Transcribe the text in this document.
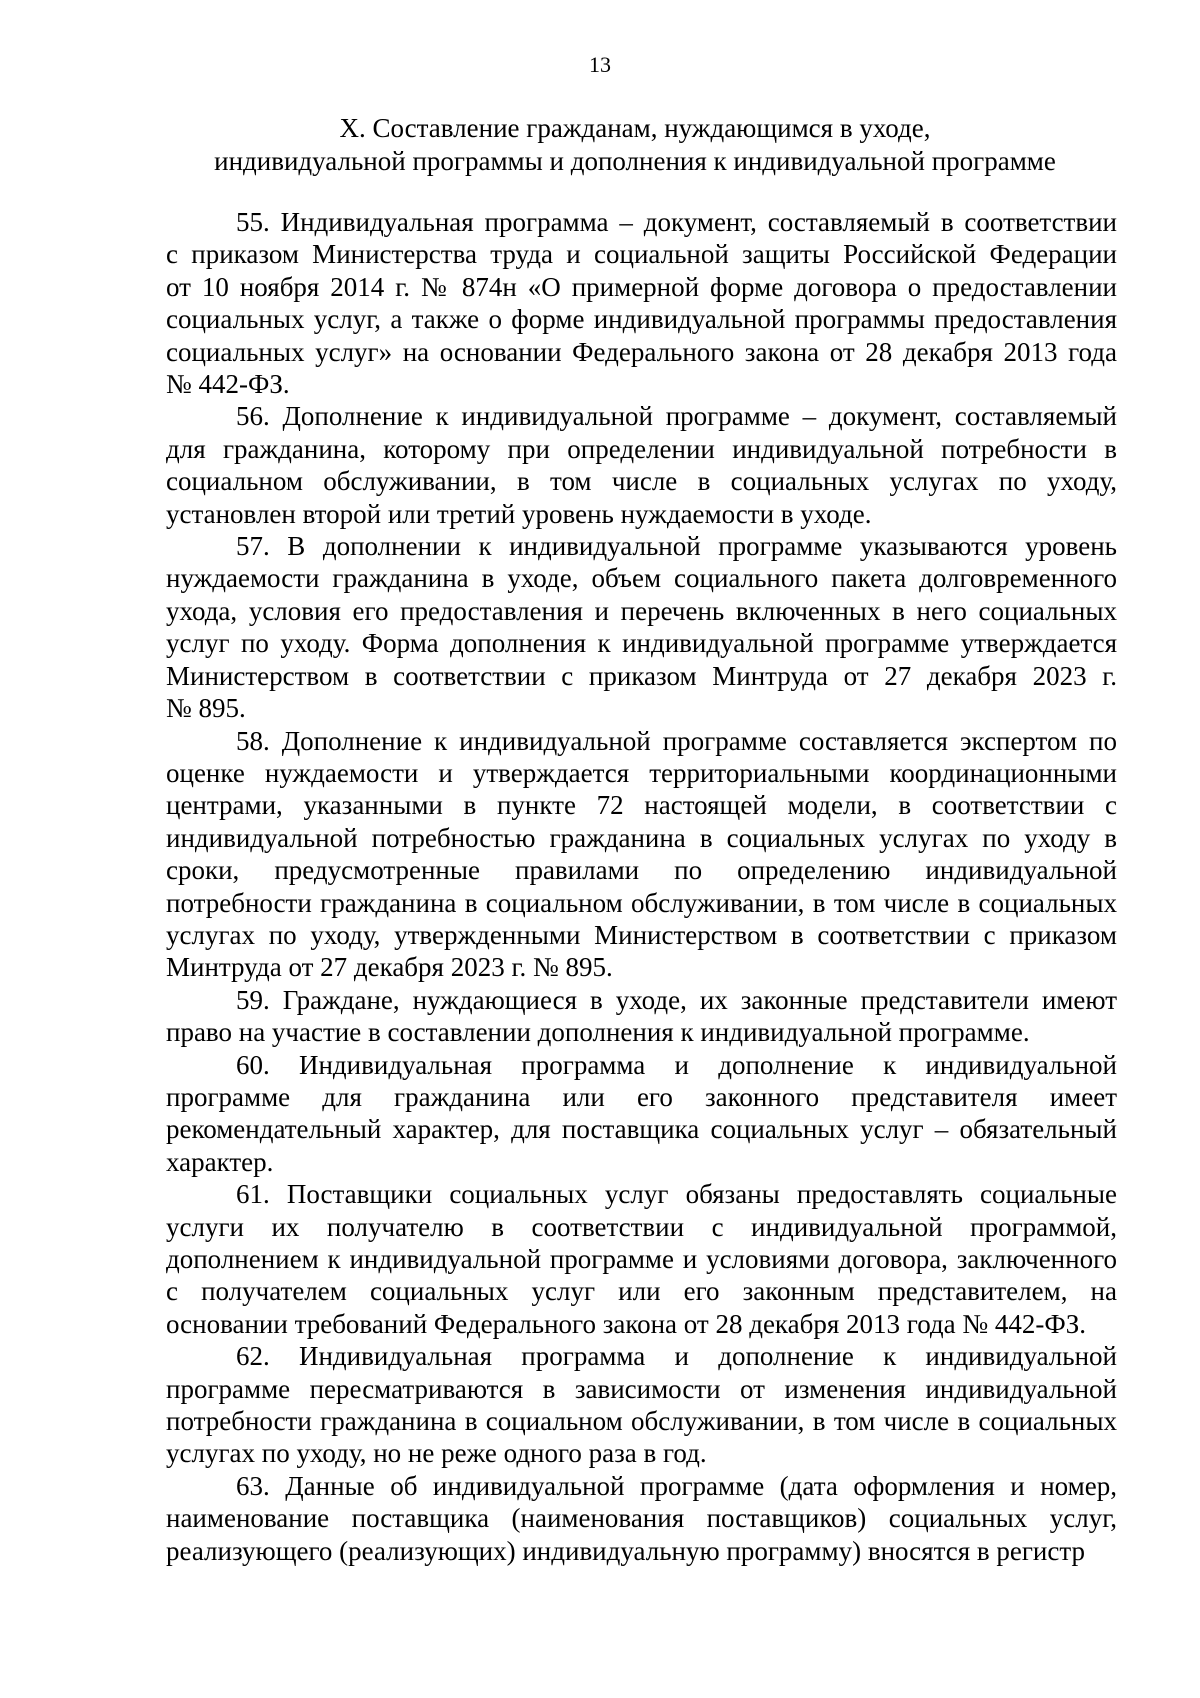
13
X. Составление гражданам, нуждающимся в уходе,
индивидуальной программы и дополнения к индивидуальной программе
55. Индивидуальная программа – документ, составляемый в соответствии
с приказом Министерства труда и социальной защиты Российской Федерации
от 10 ноября 2014 г. № 874н «О примерной форме договора о предоставлении
социальных услуг, а также о форме индивидуальной программы предоставления
социальных услуг» на основании Федерального закона от 28 декабря 2013 года
№ 442-ФЗ.
56. Дополнение к индивидуальной программе – документ, составляемый
для гражданина, которому при определении индивидуальной потребности в
социальном обслуживании, в том числе в социальных услугах по уходу,
установлен второй или третий уровень нуждаемости в уходе.
57. В дополнении к индивидуальной программе указываются уровень
нуждаемости гражданина в уходе, объем социального пакета долговременного
ухода, условия его предоставления и перечень включенных в него социальных
услуг по уходу. Форма дополнения к индивидуальной программе утверждается
Министерством в соответствии с приказом Минтруда от 27 декабря 2023 г.
№ 895.
58. Дополнение к индивидуальной программе составляется экспертом по
оценке нуждаемости и утверждается территориальными координационными
центрами, указанными в пункте 72 настоящей модели, в соответствии с
индивидуальной потребностью гражданина в социальных услугах по уходу в
сроки, предусмотренные правилами по определению индивидуальной
потребности гражданина в социальном обслуживании, в том числе в социальных
услугах по уходу, утвержденными Министерством в соответствии с приказом
Минтруда от 27 декабря 2023 г. № 895.
59. Граждане, нуждающиеся в уходе, их законные представители имеют
право на участие в составлении дополнения к индивидуальной программе.
60. Индивидуальная программа и дополнение к индивидуальной
программе для гражданина или его законного представителя имеет
рекомендательный характер, для поставщика социальных услуг – обязательный
характер.
61. Поставщики социальных услуг обязаны предоставлять социальные
услуги их получателю в соответствии с индивидуальной программой,
дополнением к индивидуальной программе и условиями договора, заключенного
с получателем социальных услуг или его законным представителем, на
основании требований Федерального закона от 28 декабря 2013 года № 442-ФЗ.
62. Индивидуальная программа и дополнение к индивидуальной
программе пересматриваются в зависимости от изменения индивидуальной
потребности гражданина в социальном обслуживании, в том числе в социальных
услугах по уходу, но не реже одного раза в год.
63. Данные об индивидуальной программе (дата оформления и номер,
наименование поставщика (наименования поставщиков) социальных услуг,
реализующего (реализующих) индивидуальную программу) вносятся в регистр
